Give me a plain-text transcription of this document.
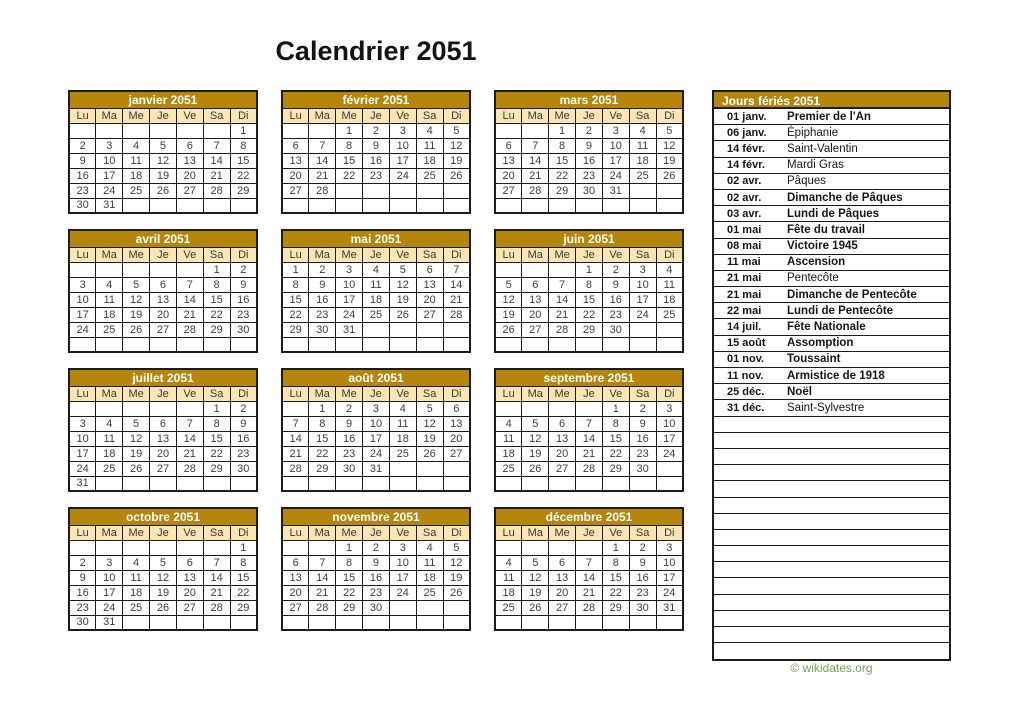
Calendrier 2051
janvier 2051						
Lu	Ma	Me	Je	Ve	Sa	Di
						1
2	3	4	5	6	7	8
9	10	11	12	13	14	15
16	17	18	19	20	21	22
23	24	25	26	27	28	29
30	31					
février 2051						
Lu	Ma	Me	Je	Ve	Sa	Di
		1	2	3	4	5
6	7	8	9	10	11	12
13	14	15	16	17	18	19
20	21	22	23	24	25	26
27	28					

mars 2051						
Lu	Ma	Me	Je	Ve	Sa	Di
		1	2	3	4	5
6	7	8	9	10	11	12
13	14	15	16	17	18	19
20	21	22	23	24	25	26
27	28	29	30	31		

avril 2051						
Lu	Ma	Me	Je	Ve	Sa	Di
					1	2
3	4	5	6	7	8	9
10	11	12	13	14	15	16
17	18	19	20	21	22	23
24	25	26	27	28	29	30

mai 2051						
Lu	Ma	Me	Je	Ve	Sa	Di
1	2	3	4	5	6	7
8	9	10	11	12	13	14
15	16	17	18	19	20	21
22	23	24	25	26	27	28
29	30	31				

juin 2051						
Lu	Ma	Me	Je	Ve	Sa	Di
			1	2	3	4
5	6	7	8	9	10	11
12	13	14	15	16	17	18
19	20	21	22	23	24	25
26	27	28	29	30		

juillet 2051						
Lu	Ma	Me	Je	Ve	Sa	Di
					1	2
3	4	5	6	7	8	9
10	11	12	13	14	15	16
17	18	19	20	21	22	23
24	25	26	27	28	29	30
31						
août 2051						
Lu	Ma	Me	Je	Ve	Sa	Di
	1	2	3	4	5	6
7	8	9	10	11	12	13
14	15	16	17	18	19	20
21	22	23	24	25	26	27
28	29	30	31			

septembre 2051						
Lu	Ma	Me	Je	Ve	Sa	Di
				1	2	3
4	5	6	7	8	9	10
11	12	13	14	15	16	17
18	19	20	21	22	23	24
25	26	27	28	29	30	

octobre 2051						
Lu	Ma	Me	Je	Ve	Sa	Di
						1
2	3	4	5	6	7	8
9	10	11	12	13	14	15
16	17	18	19	20	21	22
23	24	25	26	27	28	29
30	31					
novembre 2051						
Lu	Ma	Me	Je	Ve	Sa	Di
		1	2	3	4	5
6	7	8	9	10	11	12
13	14	15	16	17	18	19
20	21	22	23	24	25	26
27	28	29	30			

décembre 2051						
Lu	Ma	Me	Je	Ve	Sa	Di
				1	2	3
4	5	6	7	8	9	10
11	12	13	14	15	16	17
18	19	20	21	22	23	24
25	26	27	28	29	30	31

Jours fériés 2051
01 janv.	Premier de l'An
06 janv.	Épiphanie
14 févr.	Saint-Valentin
14 févr.	Mardi Gras
02 avr.	Pâques
02 avr.	Dimanche de Pâques
03 avr.	Lundi de Pâques
01 mai	Fête du travail
08 mai	Victoire 1945
11 mai	Ascension
21 mai	Pentecôte
21 mai	Dimanche de Pentecôte
22 mai	Lundi de Pentecôte
14 juil.	Fête Nationale
15 août	Assomption
01 nov.	Toussaint
11 nov.	Armistice de 1918
25 déc.	Noël
31 déc.	Saint-Sylvestre
© wikidates.org
